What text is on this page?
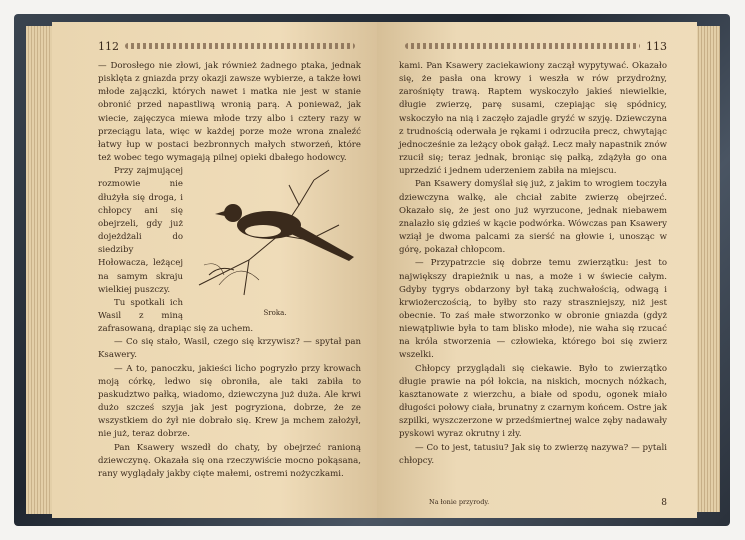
112

— Dorosłego nie złowi, jak również żadnego ptaka, jednak pisklęta z gniazda przy okazji zawsze wybierze, a także łowi młode zajączki, których nawet i matka nie jest w stanie obronić przed napastliwą wronią parą. A ponieważ, jak wiecie, zajęczyca miewa młode trzy albo i cztery razy w przeciągu lata, więc w każdej porze może wrona znaleźć łatwy łup w postaci bezbronnych małych stworzeń, które też wobec tego wymagają pilnej opieki dbałego hodowcy.

Sroka.

Przy zajmującej rozmowie nie dłużyła się droga, i chłopcy ani się obejrzeli, gdy już dojeżdżali do siedziby Hołowacza, leżącej na samym skraju wielkiej puszczy.

Tu spotkali ich Wasil z miną zafrasowaną, drapiąc się za uchem.

— Co się stało, Wasil, czego się krzywisz? — spytał pan Ksawery.

— A to, panoczku, jakieści licho pogryzło przy krowach moją córkę, ledwo się obroniła, ale taki zabiła to paskudztwo pałką, wiadomo, dziewczyna już duża. Ale krwi dużo szcześ szyja jak jest pogryziona, dobrze, że ze wszystkiem do żył nie dobrało się. Krew ja mchem założył, nie już, teraz dobrze.

Pan Ksawery wszedł do chaty, by obejrzeć ranioną dziewczynę. Okazała się ona rzeczywiście mocno pokąsana, rany wyglądały jakby cięte małemi, ostremi nożyczkami.

113

kami. Pan Ksawery zaciekawiony zaczął wypytywać. Okazało się, że pasła ona krowy i weszła w rów przydrożny, zarośnięty trawą. Raptem wyskoczyło jakieś niewielkie, długie zwierzę, parę susami, czepiając się spódnicy, wskoczyło na nią i zaczęło zajadle gryźć w szyję. Dziewczyna z trudnością oderwała je rękami i odrzuciła precz, chwytając jednocześnie za leżący obok gałąź. Lecz mały napastnik znów rzucił się; teraz jednak, broniąc się pałką, zdążyła go ona uprzedzić i jednem uderzeniem zabiła na miejscu.

Pan Ksawery domyślał się już, z jakim to wrogiem toczyła dziewczyna walkę, ale chciał zabite zwierzę obejrzeć. Okazało się, że jest ono już wyrzucone, jednak niebawem znalazło się gdzieś w kącie podwórka. Wówczas pan Ksawery wziął je dwoma palcami za sierść na głowie i, unosząc w górę, pokazał chłopcom.

— Przypatrzcie się dobrze temu zwierzątku: jest to największy drapieżnik u nas, a może i w świecie całym. Gdyby tygrys obdarzony był taką zuchwałością, odwagą i krwiożerczością, to byłby sto razy straszniejszy, niż jest obecnie. To zaś małe stworzonko w obronie gniazda (gdyż niewątpliwie była to tam blisko młode), nie waha się rzucać na króla stworzenia — człowieka, którego boi się zwierz wszelki.

Chłopcy przyglądali się ciekawie. Było to zwierzątko długie prawie na pół łokcia, na niskich, mocnych nóżkach, kasztanowate z wierzchu, a białe od spodu, ogonek miało długości połowy ciała, brunatny z czarnym końcem. Ostre jak szpilki, wyszczerzone w przedśmiertnej walce zęby nadawały pyskowi wyraz okrutny i zły.

— Co to jest, tatusiu? Jak się to zwierzę nazywa? — pytali chłopcy.

Na łonie przyrody.	8
